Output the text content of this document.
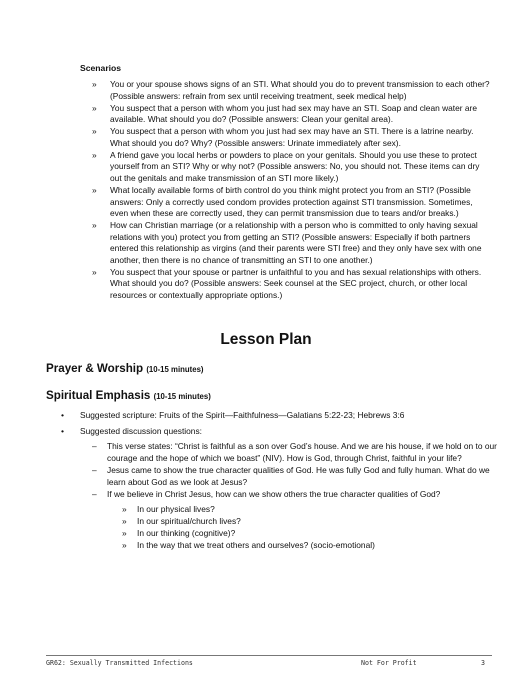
Scenarios
» You or your spouse shows signs of an STI. What should you do to prevent transmission to each other? (Possible answers: refrain from sex until receiving treatment, seek medical help)
» You suspect that a person with whom you just had sex may have an STI. Soap and clean water are available. What should you do? (Possible answers: Clean your genital area).
» You suspect that a person with whom you just had sex may have an STI. There is a latrine nearby. What should you do? Why? (Possible answers: Urinate immediately after sex).
» A friend gave you local herbs or powders to place on your genitals. Should you use these to protect yourself from an STI? Why or why not? (Possible answers: No, you should not. These items can dry out the genitals and make transmission of an STI more likely.)
» What locally available forms of birth control do you think might protect you from an STI? (Possible answers: Only a correctly used condom provides protection against STI transmission. Sometimes, even when these are correctly used, they can permit transmission due to tears and/or breaks.)
» How can Christian marriage (or a relationship with a person who is committed to only having sexual relations with you) protect you from getting an STI? (Possible answers: Especially if both partners entered this relationship as virgins (and their parents were STI free) and they only have sex with one another, then there is no chance of transmitting an STI to one another.)
» You suspect that your spouse or partner is unfaithful to you and has sexual relationships with others. What should you do? (Possible answers: Seek counsel at the SEC project, church, or other local resources or contextually appropriate options.)
Lesson Plan
Prayer & Worship (10-15 minutes)
Spiritual Emphasis (10-15 minutes)
• Suggested scripture: Fruits of the Spirit—Faithfulness—Galatians 5:22-23; Hebrews 3:6
• Suggested discussion questions:
– This verse states: “Christ is faithful as a son over God’s house. And we are his house, if we hold on to our courage and the hope of which we boast” (NIV). How is God, through Christ, faithful in your life?
– Jesus came to show the true character qualities of God. He was fully God and fully human. What do we learn about God as we look at Jesus?
– If we believe in Christ Jesus, how can we show others the true character qualities of God?
» In our physical lives?
» In our spiritual/church lives?
» In our thinking (cognitive)?
» In the way that we treat others and ourselves? (socio-emotional)
GR62: Sexually Transmitted Infections	Not For Profit	3
